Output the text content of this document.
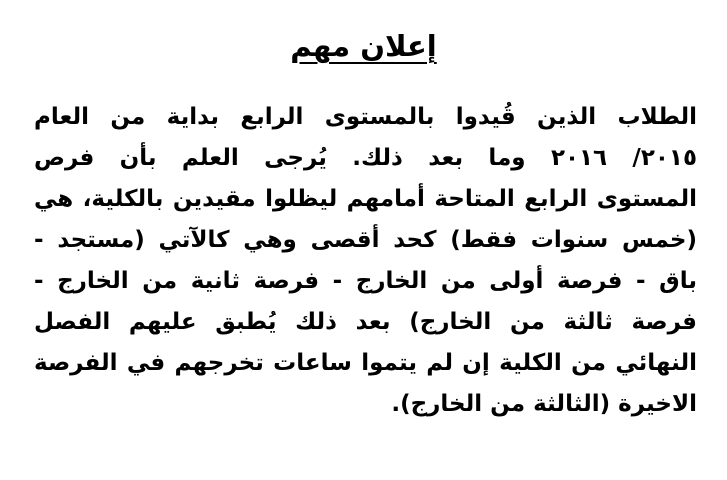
إعلان مهم
الطلاب الذين قُيدوا بالمستوى الرابع بداية من العام
٢٠١٥/ ٢٠١٦ وما بعد ذلك. يُرجى العلم بأن فرص
المستوى الرابع المتاحة أمامهم ليظلوا مقيدين بالكلية، هي
(خمس سنوات فقط) كحد أقصى وهي كالآتي (مستجد -
باق - فرصة أولى من الخارج - فرصة ثانية من الخارج -
فرصة ثالثة من الخارج) بعد ذلك يُطبق عليهم الفصل
النهائي من الكلية إن لم يتموا ساعات تخرجهم في الفرصة
الاخيرة (الثالثة من الخارج).
